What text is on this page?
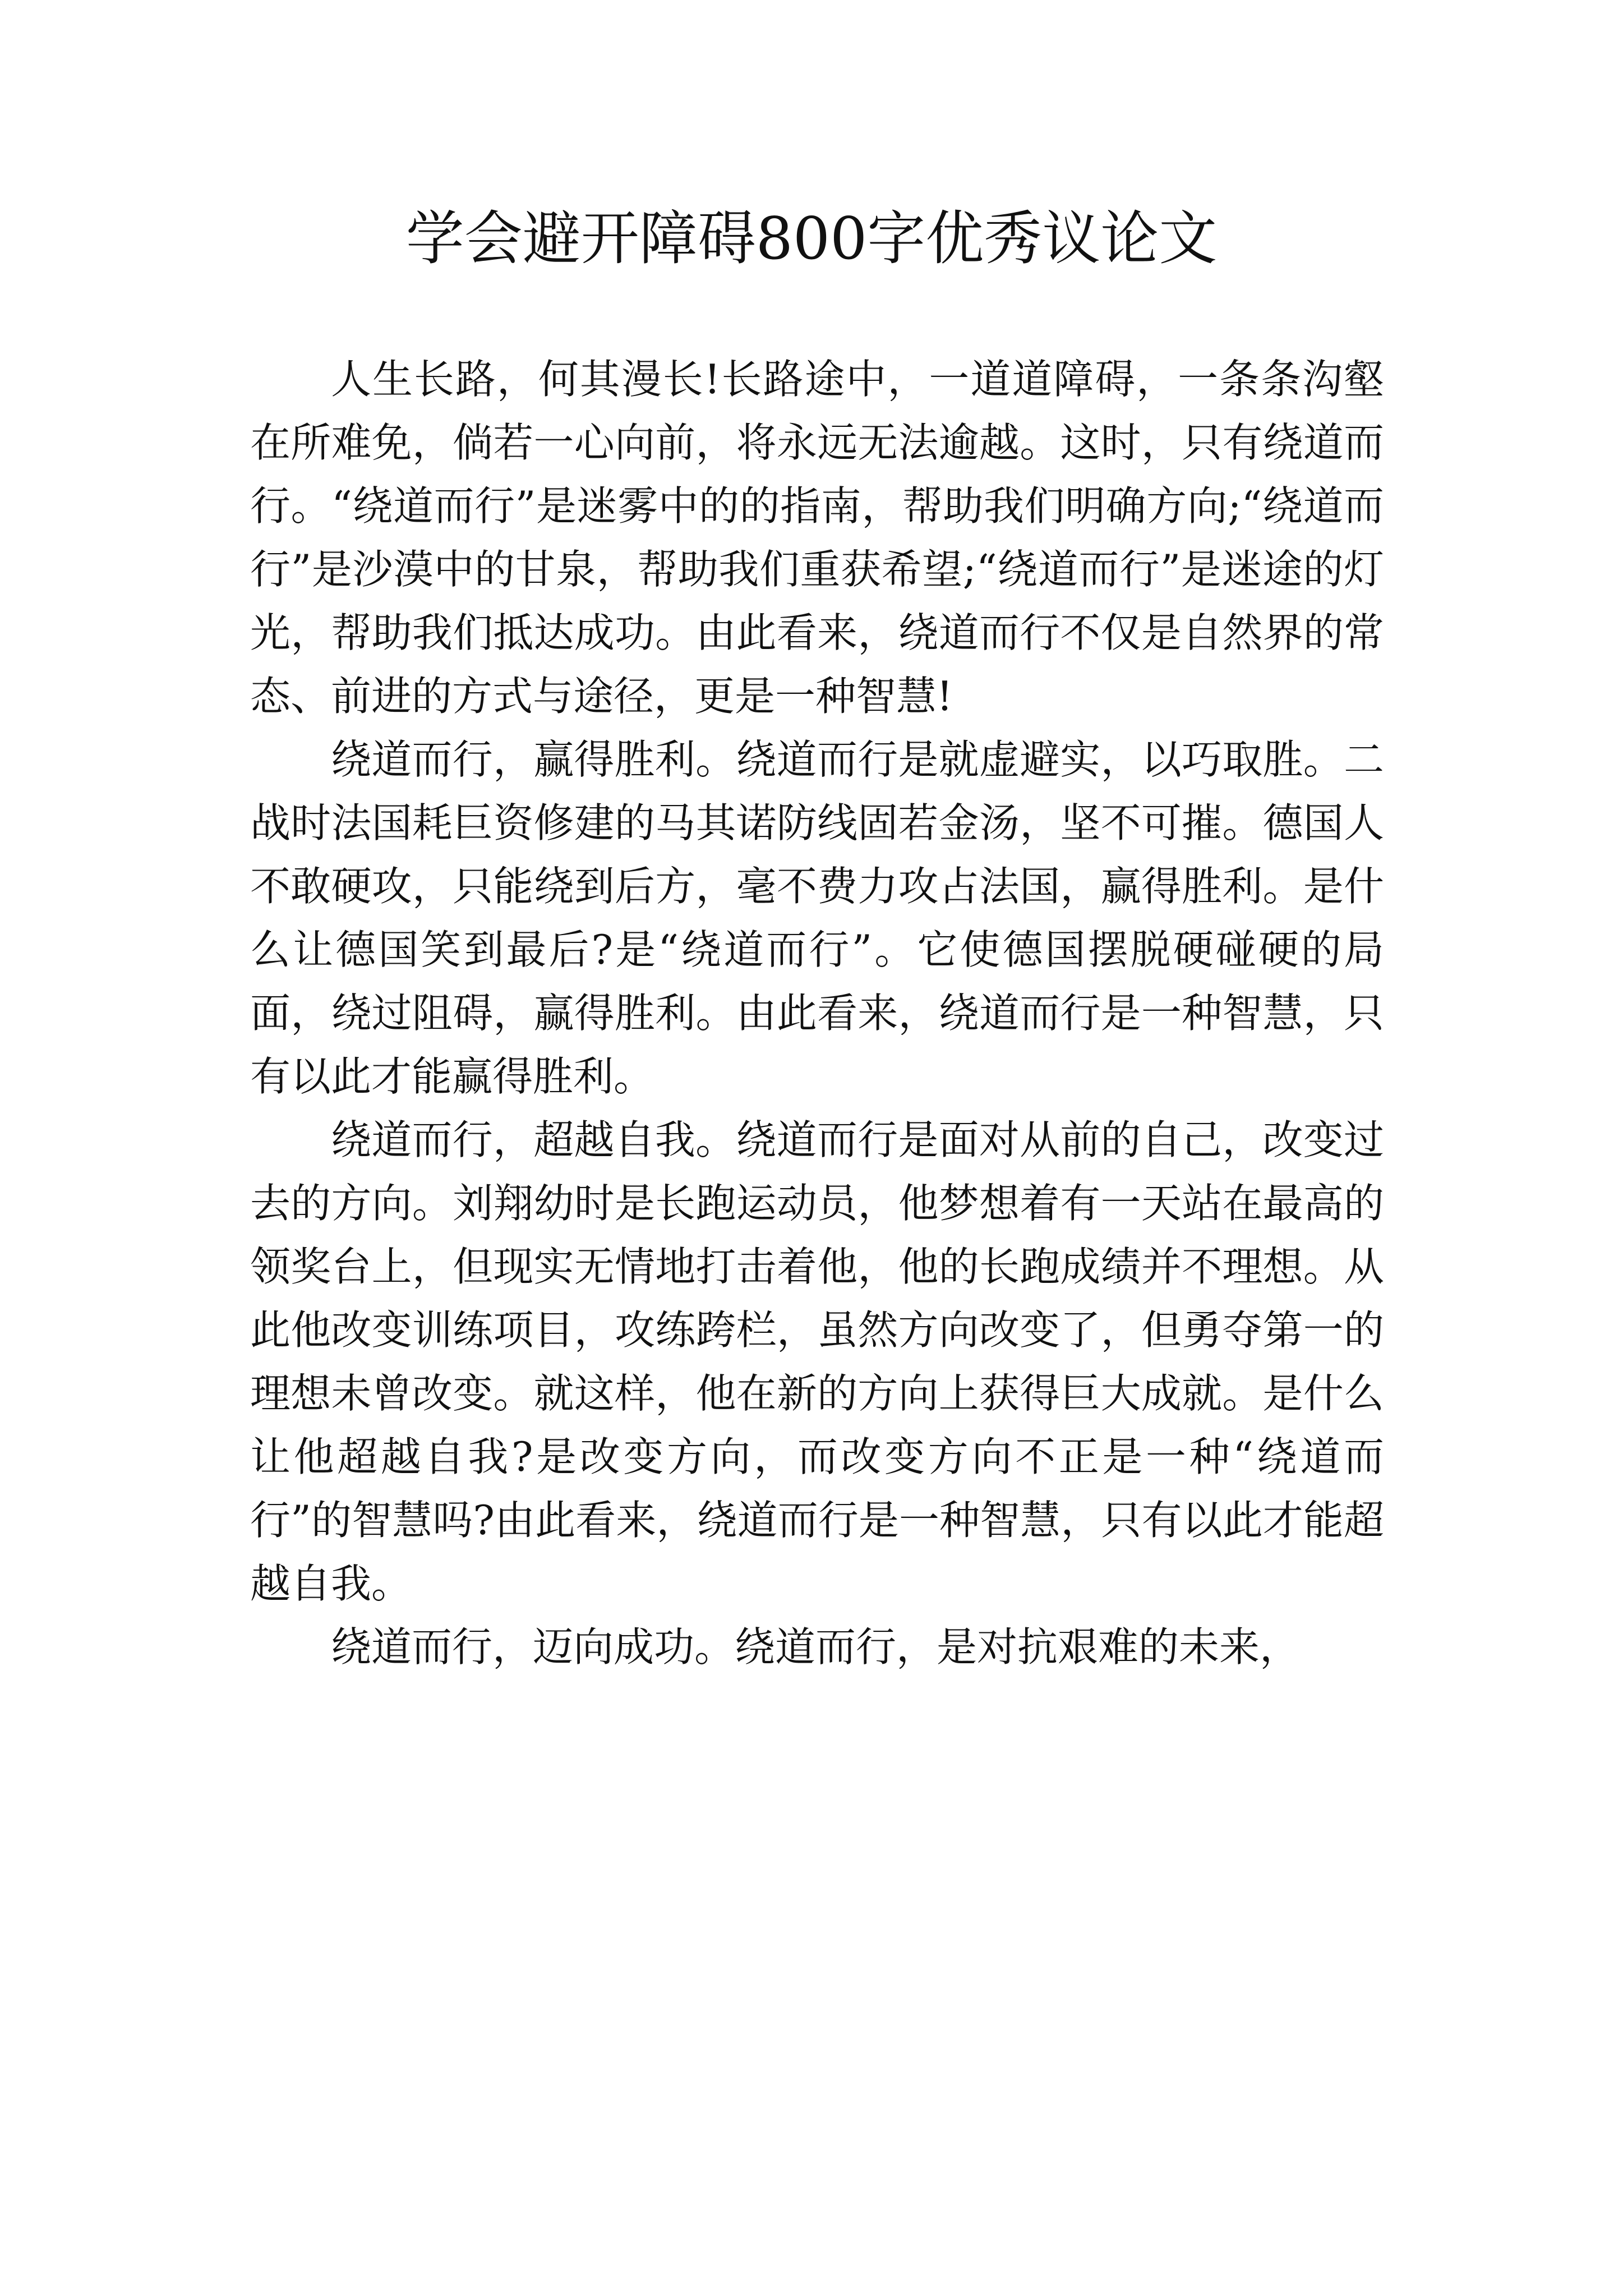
学会避开障碍800字优秀议论文

人生长路，何其漫长!长路途中，一道道障碍，一条条沟壑在所难免，倘若一心向前，将永远无法逾越。这时，只有绕道而行。“绕道而行”是迷雾中的的指南，帮助我们明确方向;“绕道而行”是沙漠中的甘泉，帮助我们重获希望;“绕道而行”是迷途的灯光，帮助我们抵达成功。由此看来，绕道而行不仅是自然界的常态、前进的方式与途径，更是一种智慧!

绕道而行，赢得胜利。绕道而行是就虚避实，以巧取胜。二战时法国耗巨资修建的马其诺防线固若金汤，坚不可摧。德国人不敢硬攻，只能绕到后方，毫不费力攻占法国，赢得胜利。是什么让德国笑到最后?是“绕道而行”。它使德国摆脱硬碰硬的局面，绕过阻碍，赢得胜利。由此看来，绕道而行是一种智慧，只有以此才能赢得胜利。

绕道而行，超越自我。绕道而行是面对从前的自己，改变过去的方向。刘翔幼时是长跑运动员，他梦想着有一天站在最高的领奖台上，但现实无情地打击着他，他的长跑成绩并不理想。从此他改变训练项目，攻练跨栏，虽然方向改变了，但勇夺第一的理想未曾改变。就这样，他在新的方向上获得巨大成就。是什么让他超越自我?是改变方向，而改变方向不正是一种“绕道而行”的智慧吗?由此看来，绕道而行是一种智慧，只有以此才能超越自我。

绕道而行，迈向成功。绕道而行，是对抗艰难的未来，
